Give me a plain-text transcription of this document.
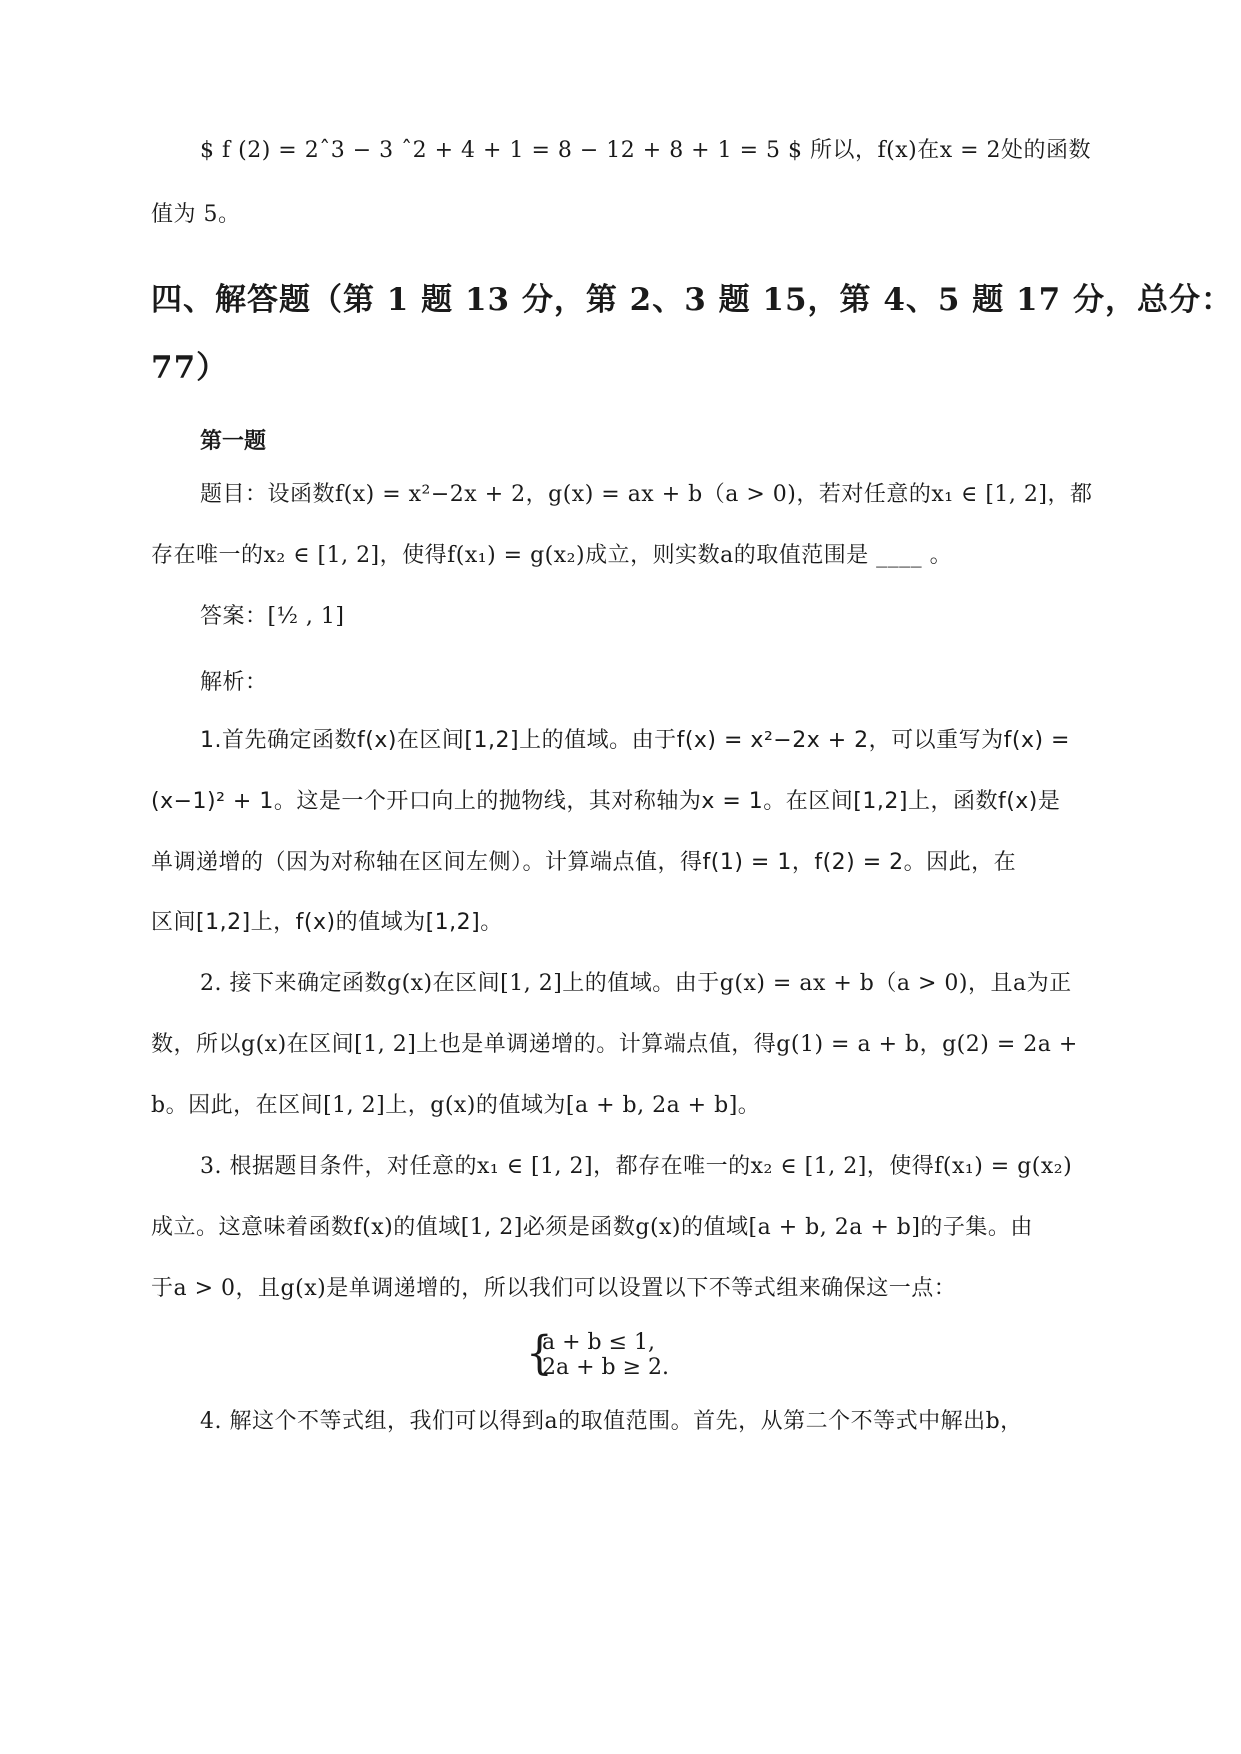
$ f (2) = 2ˆ3 − 3 ˆ2 + 4 + 1 = 8 − 12 + 8 + 1 = 5 $ 所以，f(x)在x = 2处的函数
值为 5。
四、解答题（第 1 题 13 分，第 2、3 题 15，第 4、5 题 17 分，总分：
77）
第一题
题目：设函数f(x) = x²−2x + 2，g(x) = ax + b（a > 0)，若对任意的x₁ ∈ [1, 2]，都
存在唯一的x₂ ∈ [1, 2]，使得f(x₁) = g(x₂)成立，则实数a的取值范围是 ____ 。
答案：[½ , 1]
解析：
1.首先确定函数f(x)在区间[1,2]上的值域。由于f(x) = x²−2x + 2，可以重写为f(x) =
(x−1)² + 1。这是一个开口向上的抛物线，其对称轴为x = 1。在区间[1,2]上，函数f(x)是
单调递增的（因为对称轴在区间左侧）。计算端点值，得f(1) = 1，f(2) = 2。因此，在
区间[1,2]上，f(x)的值域为[1,2]。
2. 接下来确定函数g(x)在区间[1, 2]上的值域。由于g(x) = ax + b（a > 0)，且a为正
数，所以g(x)在区间[1, 2]上也是单调递增的。计算端点值，得g(1) = a + b，g(2) = 2a +
b。因此，在区间[1, 2]上，g(x)的值域为[a + b, 2a + b]。
3. 根据题目条件，对任意的x₁ ∈ [1, 2]，都存在唯一的x₂ ∈ [1, 2]，使得f(x₁) = g(x₂)
成立。这意味着函数f(x)的值域[1, 2]必须是函数g(x)的值域[a + b, 2a + b]的子集。由
于a > 0，且g(x)是单调递增的，所以我们可以设置以下不等式组来确保这一点：
{
a + b ≤ 1,
2a + b ≥ 2.
4. 解这个不等式组，我们可以得到a的取值范围。首先，从第二个不等式中解出b，
